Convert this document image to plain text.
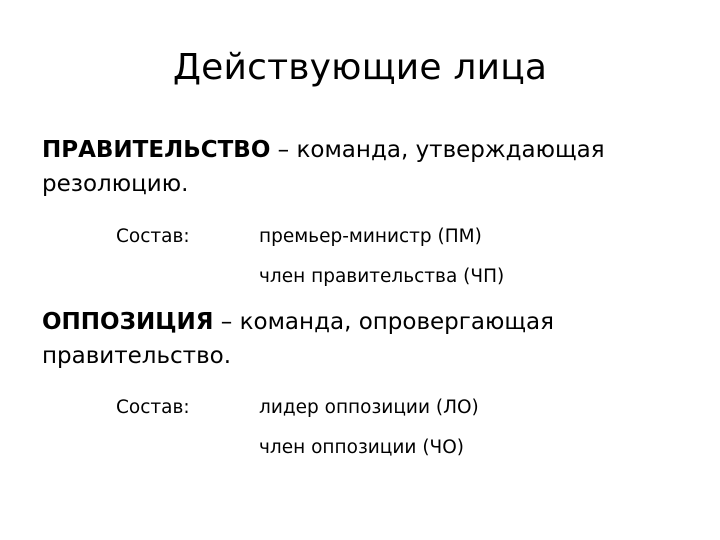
Действующие лица
ПРАВИТЕЛЬСТВО – команда, утверждающая резолюцию.
Состав:	премьер-министр (ПМ)
член правительства (ЧП)
ОППОЗИЦИЯ – команда, опровергающая правительство.
Состав:	лидер оппозиции (ЛО)
член оппозиции (ЧО)
